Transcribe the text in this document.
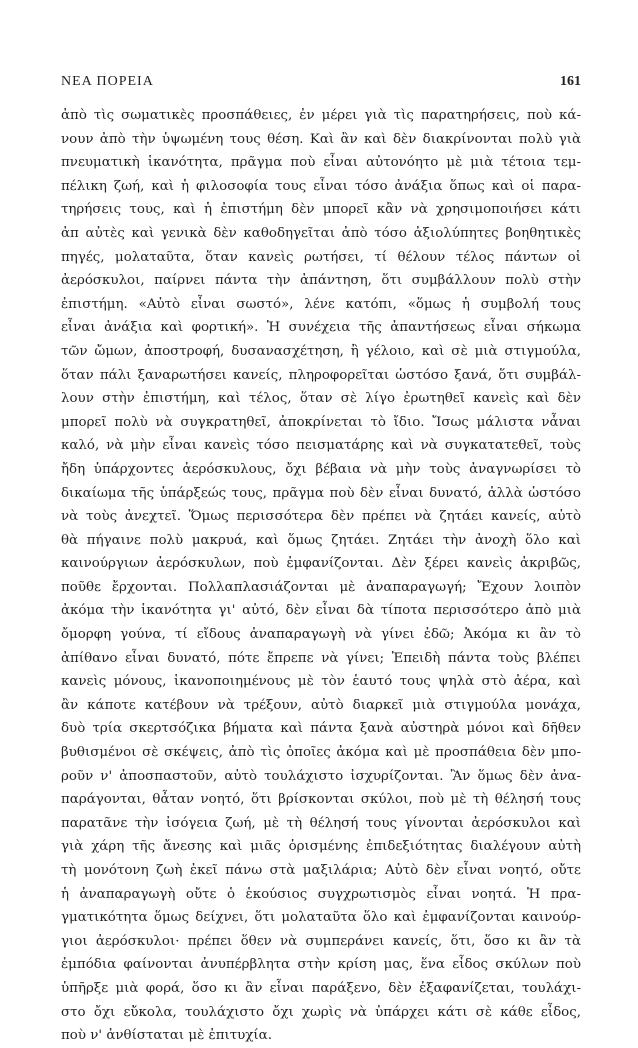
ΝΕΑ ΠΟΡΕΙΑ	161
ἀπὸ τὶς σωματικὲς προσπάθειες, ἐν μέρει γιὰ τὶς παρατηρήσεις, ποὺ κά-
νουν ἀπὸ τὴν ὑψωμένη τους θέση. Καὶ ἂν καὶ δὲν διακρίνονται πολὺ γιὰ
πνευματικὴ ἱκανότητα, πρᾶγμα ποὺ εἶναι αὐτονόητο μὲ μιὰ τέτοια τεμ-
πέλικη ζωή, καὶ ἡ φιλοσοφία τους εἶναι τόσο ἀνάξια ὅπως καὶ οἱ παρα-
τηρήσεις τους, καὶ ἡ ἐπιστήμη δὲν μπορεῖ κἂν νὰ χρησιμοποιήσει κάτι
ἀπ αὐτὲς καὶ γενικὰ δὲν καθοδηγεῖται ἀπὸ τόσο ἀξιολύπητες βοηθητικὲς
πηγές, μολαταῦτα, ὅταν κανεὶς ρωτήσει, τί θέλουν τέλος πάντων οἱ
ἀερόσκυλοι, παίρνει πάντα τὴν ἀπάντηση, ὅτι συμβάλλουν πολὺ στὴν
ἐπιστήμη. «Αὐτὸ εἶναι σωστό», λένε κατόπι, «ὅμως ἡ συμβολή τους
εἶναι ἀνάξια καὶ φορτική». Ἡ συνέχεια τῆς ἀπαντήσεως εἶναι σήκωμα
τῶν ὤμων, ἀποστροφή, δυσανασχέτηση, ἢ γέλοιο, καὶ σὲ μιὰ στιγμούλα,
ὅταν πάλι ξαναρωτήσει κανείς, πληροφορεῖται ὡστόσο ξανά, ὅτι συμβάλ-
λουν στὴν ἐπιστήμη, καὶ τέλος, ὅταν σὲ λίγο ἐρωτηθεῖ κανεὶς καὶ δὲν
μπορεῖ πολὺ νὰ συγκρατηθεῖ, ἀποκρίνεται τὸ ἴδιο. Ἴσως μάλιστα νἆναι
καλό, νὰ μὴν εἶναι κανεὶς τόσο πεισματάρης καὶ νὰ συγκατατεθεῖ, τοὺς
ἤδη ὑπάρχοντες ἀερόσκυλους, ὄχι βέβαια νὰ μὴν τοὺς ἀναγνωρίσει τὸ
δικαίωμα τῆς ὑπάρξεώς τους, πρᾶγμα ποὺ δὲν εἶναι δυνατό, ἀλλὰ ὡστόσο
νὰ τοὺς ἀνεχτεῖ. Ὅμως περισσότερα δὲν πρέπει νὰ ζητάει κανείς, αὐτὸ
θὰ πήγαινε πολὺ μακρυά, καὶ ὅμως ζητάει. Ζητάει τὴν ἀνοχὴ ὅλο καὶ
καινούργιων ἀερόσκυλων, ποὺ ἐμφανίζονται. Δὲν ξέρει κανεὶς ἀκριβῶς,
ποῦθε ἔρχονται. Πολλαπλασιάζονται μὲ ἀναπαραγωγή; Ἔχουν λοιπὸν
ἀκόμα τὴν ἱκανότητα γι' αὐτό, δὲν εἶναι δὰ τίποτα περισσότερο ἀπὸ μιὰ
ὄμορφη γούνα, τί εἴδους ἀναπαραγωγὴ νὰ γίνει ἐδῶ; Ἀκόμα κι ἂν τὸ
ἀπίθανο εἶναι δυνατό, πότε ἔπρεπε νὰ γίνει; Ἐπειδὴ πάντα τοὺς βλέπει
κανεὶς μόνους, ἱκανοποιημένους μὲ τὸν ἑαυτό τους ψηλὰ στὸ ἀέρα, καὶ
ἂν κάποτε κατέβουν νὰ τρέξουν, αὐτὸ διαρκεῖ μιὰ στιγμούλα μονάχα,
δυὸ τρία σκερτσόζικα βήματα καὶ πάντα ξανὰ αὐστηρὰ μόνοι καὶ δῆθεν
βυθισμένοι σὲ σκέψεις, ἀπὸ τὶς ὁποῖες ἀκόμα καὶ μὲ προσπάθεια δὲν μπο-
ροῦν ν' ἀποσπαστοῦν, αὐτὸ τουλάχιστο ἰσχυρίζονται. Ἂν ὅμως δὲν ἀνα-
παράγονται, θἆταν νοητό, ὅτι βρίσκονται σκύλοι, ποὺ μὲ τὴ θέλησή τους
παρατᾶνε τὴν ἰσόγεια ζωή, μὲ τὴ θέλησή τους γίνονται ἀερόσκυλοι καὶ
γιὰ χάρη τῆς ἄνεσης καὶ μιᾶς ὁρισμένης ἐπιδεξιότητας διαλέγουν αὐτὴ
τὴ μονότονη ζωὴ ἐκεῖ πάνω στὰ μαξιλάρια; Αὐτὸ δὲν εἶναι νοητό, οὔτε
ἡ ἀναπαραγωγὴ οὔτε ὁ ἑκούσιος συγχρωτισμὸς εἶναι νοητά. Ἡ πρα-
γματικότητα ὅμως δείχνει, ὅτι μολαταῦτα ὅλο καὶ ἐμφανίζονται καινούρ-
γιοι ἀερόσκυλοι· πρέπει ὅθεν νὰ συμπεράνει κανείς, ὅτι, ὅσο κι ἂν τὰ
ἐμπόδια φαίνονται ἀνυπέρβλητα στὴν κρίση μας, ἕνα εἶδος σκύλων ποὺ
ὑπῆρξε μιὰ φορά, ὅσο κι ἂν εἶναι παράξενο, δὲν ἐξαφανίζεται, τουλάχι-
στο ὄχι εὔκολα, τουλάχιστο ὄχι χωρὶς νὰ ὑπάρχει κάτι σὲ κάθε εἶδος,
ποὺ ν' ἀνθίσταται μὲ ἐπιτυχία.
